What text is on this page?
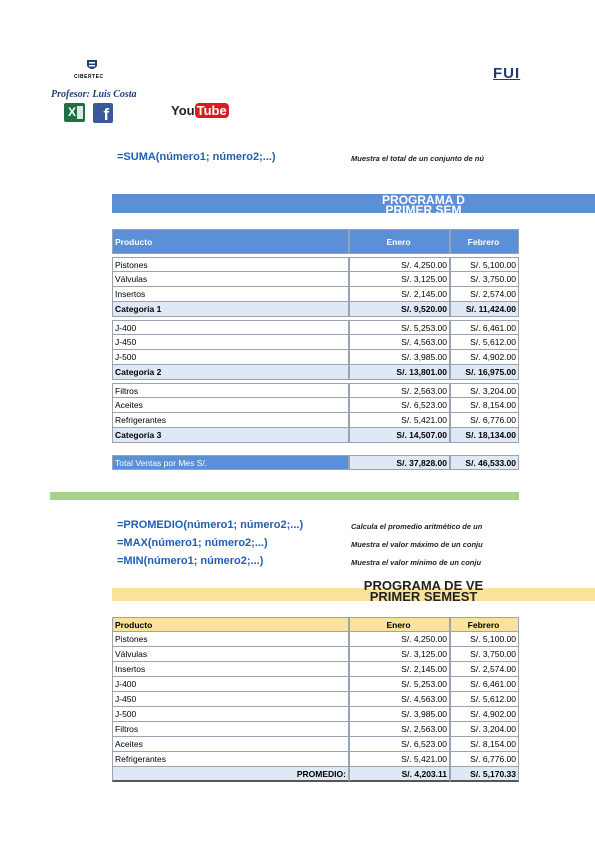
CIBERTEC
Profesor: Luis Costa
X f	You Tube
FUI
=SUMA(número1; número2;...)	Muestra el total de un conjunto de nú
PROGRAMA D
PRIMER SEM
Producto	Enero	Febrero
Pistones	S/. 4,250.00	S/. 5,100.00
Válvulas	S/. 3,125.00	S/. 3,750.00
Insertos	S/. 2,145.00	S/. 2,574.00
Categoría 1	S/. 9,520.00	S/. 11,424.00
J-400	S/. 5,253.00	S/. 6,461.00
J-450	S/. 4,563.00	S/. 5,612.00
J-500	S/. 3,985.00	S/. 4,902.00
Categoría 2	S/. 13,801.00	S/. 16,975.00
Filtros	S/. 2,563.00	S/. 3,204.00
Aceites	S/. 6,523.00	S/. 8,154.00
Refrigerantes	S/. 5,421.00	S/. 6,776.00
Categoría 3	S/. 14,507.00	S/. 18,134.00
Total Ventas por Mes S/.	S/. 37,828.00	S/. 46,533.00
=PROMEDIO(número1; número2;...)	Calcula el promedio aritmético de un
=MAX(número1; número2;...)	Muestra el valor máximo de un conju
=MIN(número1; número2;...)	Muestra el valor mínimo de un conju
PROGRAMA DE VE
PRIMER SEMEST
Producto	Enero	Febrero
Pistones	S/. 4,250.00	S/. 5,100.00
Válvulas	S/. 3,125.00	S/. 3,750.00
Insertos	S/. 2,145.00	S/. 2,574.00
J-400	S/. 5,253.00	S/. 6,461.00
J-450	S/. 4,563.00	S/. 5,612.00
J-500	S/. 3,985.00	S/. 4,902.00
Filtros	S/. 2,563.00	S/. 3,204.00
Aceites	S/. 6,523.00	S/. 8,154.00
Refrigerantes	S/. 5,421.00	S/. 6,776.00
PROMEDIO:	S/. 4,203.11	S/. 5,170.33
